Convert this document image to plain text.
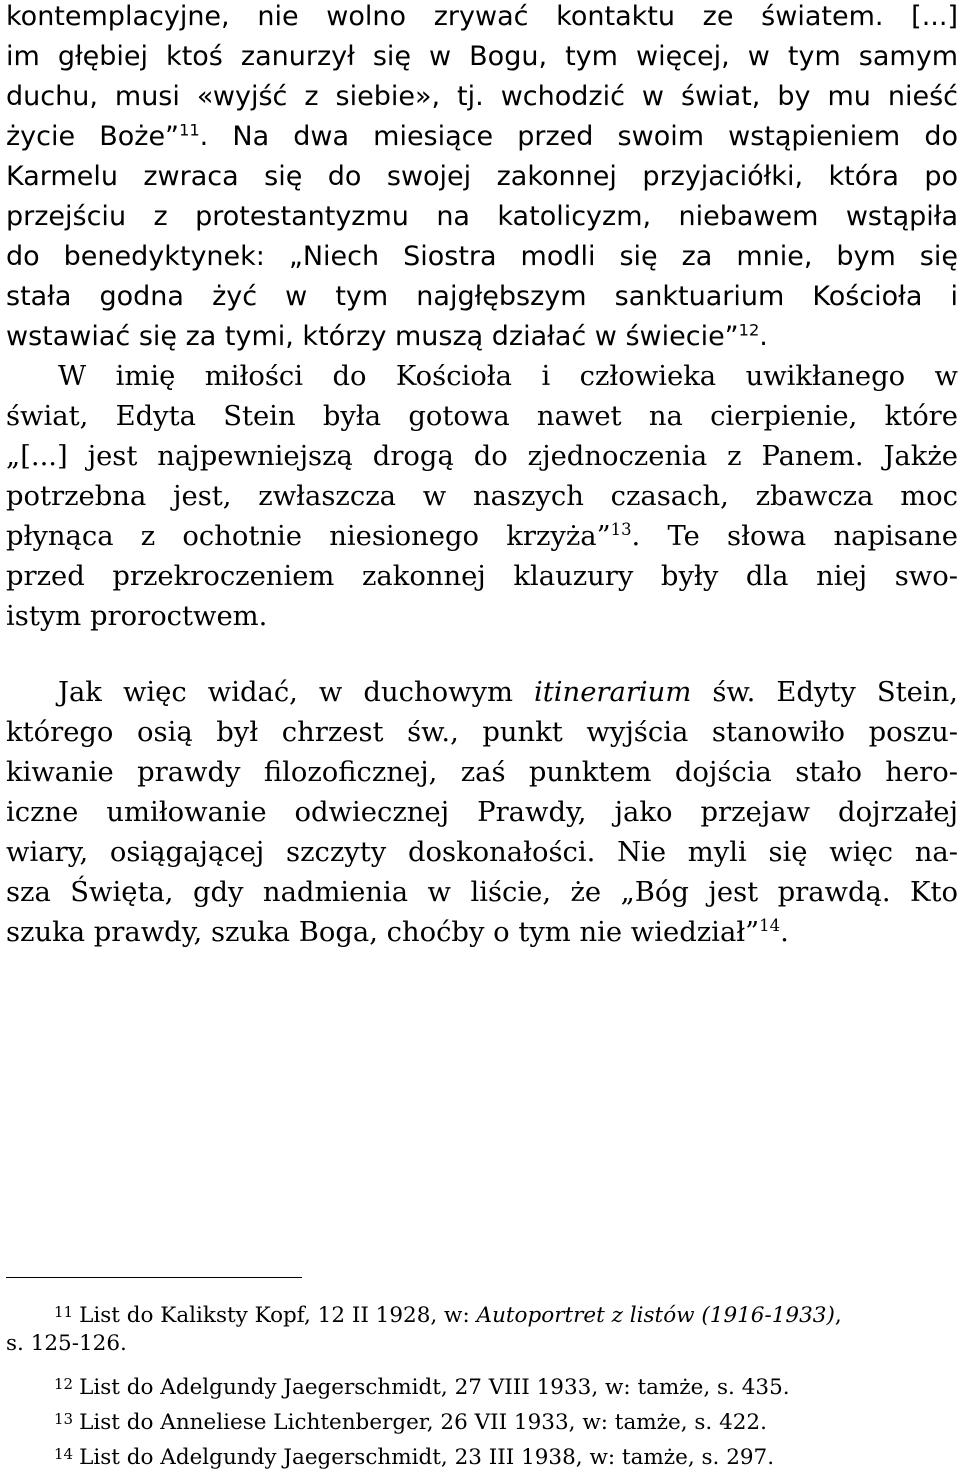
kontemplacyjne, nie wolno zrywać kontaktu ze światem. [...]
im głębiej ktoś zanurzył się w Bogu, tym więcej, w tym samym
duchu, musi «wyjść z siebie», tj. wchodzić w świat, by mu nieść
życie Boże”$^{11}$. Na dwa miesiące przed swoim wstąpieniem do
Karmelu zwraca się do swojej zakonnej przyjaciółki, która po
przejściu z protestantyzmu na katolicyzm, niebawem wstąpiła
do benedyktynek: „Niech Siostra modli się za mnie, bym się
stała godna żyć w tym najgłębszym sanktuarium Kościoła i
wstawiać się za tymi, którzy muszą działać w świecie”$^{12}$.
W imię miłości do Kościoła i człowieka uwikłanego w
świat, Edyta Stein była gotowa nawet na cierpienie, które
„[...] jest najpewniejszą drogą do zjednoczenia z Panem. Jakże
potrzebna jest, zwłaszcza w naszych czasach, zbawcza moc
płynąca z ochotnie niesionego krzyża”$^{13}$. Te słowa napisane
przed przekroczeniem zakonnej klauzury były dla niej swo-
istym proroctwem.
Jak więc widać, w duchowym itinerarium św. Edyty Stein,
którego osią był chrzest św., punkt wyjścia stanowiło poszu-
kiwanie prawdy filozoficznej, zaś punktem dojścia stało hero-
iczne umiłowanie odwiecznej Prawdy, jako przejaw dojrzałej
wiary, osiągającej szczyty doskonałości. Nie myli się więc na-
sza Święta, gdy nadmienia w liście, że „Bóg jest prawdą. Kto
szuka prawdy, szuka Boga, choćby o tym nie wiedział”$^{14}$.
$^{11}$ List do Kaliksty Kopf, 12 II 1928, w: Autoportret z listów (1916-1933),
s. 125-126.
$^{12}$ List do Adelgundy Jaegerschmidt, 27 VIII 1933, w: tamże, s. 435.
$^{13}$ List do Anneliese Lichtenberger, 26 VII 1933, w: tamże, s. 422.
$^{14}$ List do Adelgundy Jaegerschmidt, 23 III 1938, w: tamże, s. 297.
